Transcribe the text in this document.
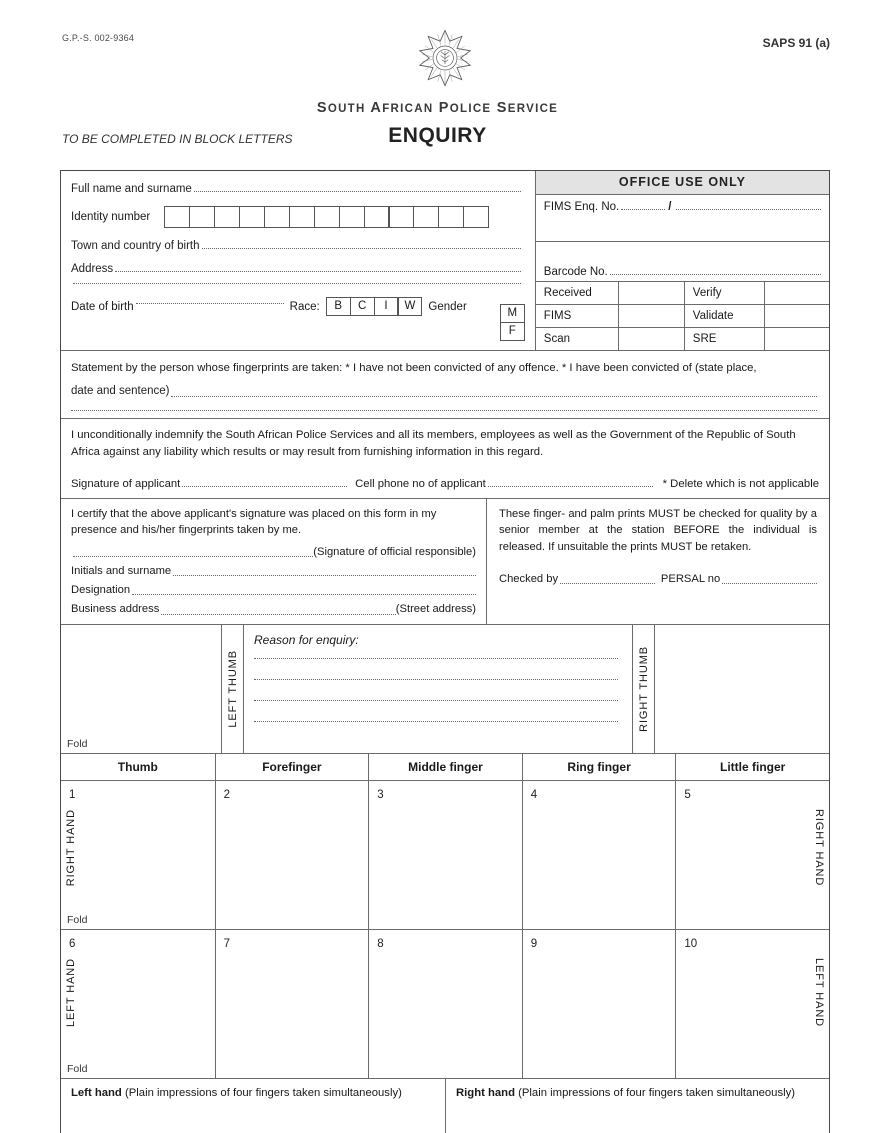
G.P.-S. 002-9364	SAPS 91 (a)
SOUTH AFRICAN POLICE SERVICE
ENQUIRY
TO BE COMPLETED IN BLOCK LETTERS
Full name and surname
Identity number
Town and country of birth
Address
Date of birth	Race:	B	C	I	W	Gender
M
F
OFFICE USE ONLY
FIMS Enq. No.	/
Barcode No.
Received	Verify
FIMS	Validate
Scan	SRE
Statement by the person whose fingerprints are taken: * I have not been convicted of any offence. * I have been convicted of (state place,
date and sentence)
I unconditionally indemnify the South African Police Services and all its members, employees as well as the Government of the Republic of South Africa against any liability which results or may result from furnishing information in this regard.
Signature of applicant	Cell phone no of applicant	* Delete which is not applicable
I certify that the above applicant's signature was placed on this form in my presence and his/her fingerprints taken by me.
(Signature of official responsible)
Initials and surname
Designation
Business address	(Street address)
These finger- and palm prints MUST be checked for quality by a senior member at the station BEFORE the individual is released. If unsuitable the prints MUST be retaken.
Checked by	PERSAL no
Fold
LEFT THUMB
Reason for enquiry:
RIGHT THUMB
Thumb	Forefinger	Middle finger	Ring finger	Little finger
1
RIGHT HAND
Fold
2	3	4	5
RIGHT HAND
6
LEFT HAND
Fold
7	8	9	10
LEFT HAND
Left hand (Plain impressions of four fingers taken simultaneously)	Right hand (Plain impressions of four fingers taken simultaneously)
